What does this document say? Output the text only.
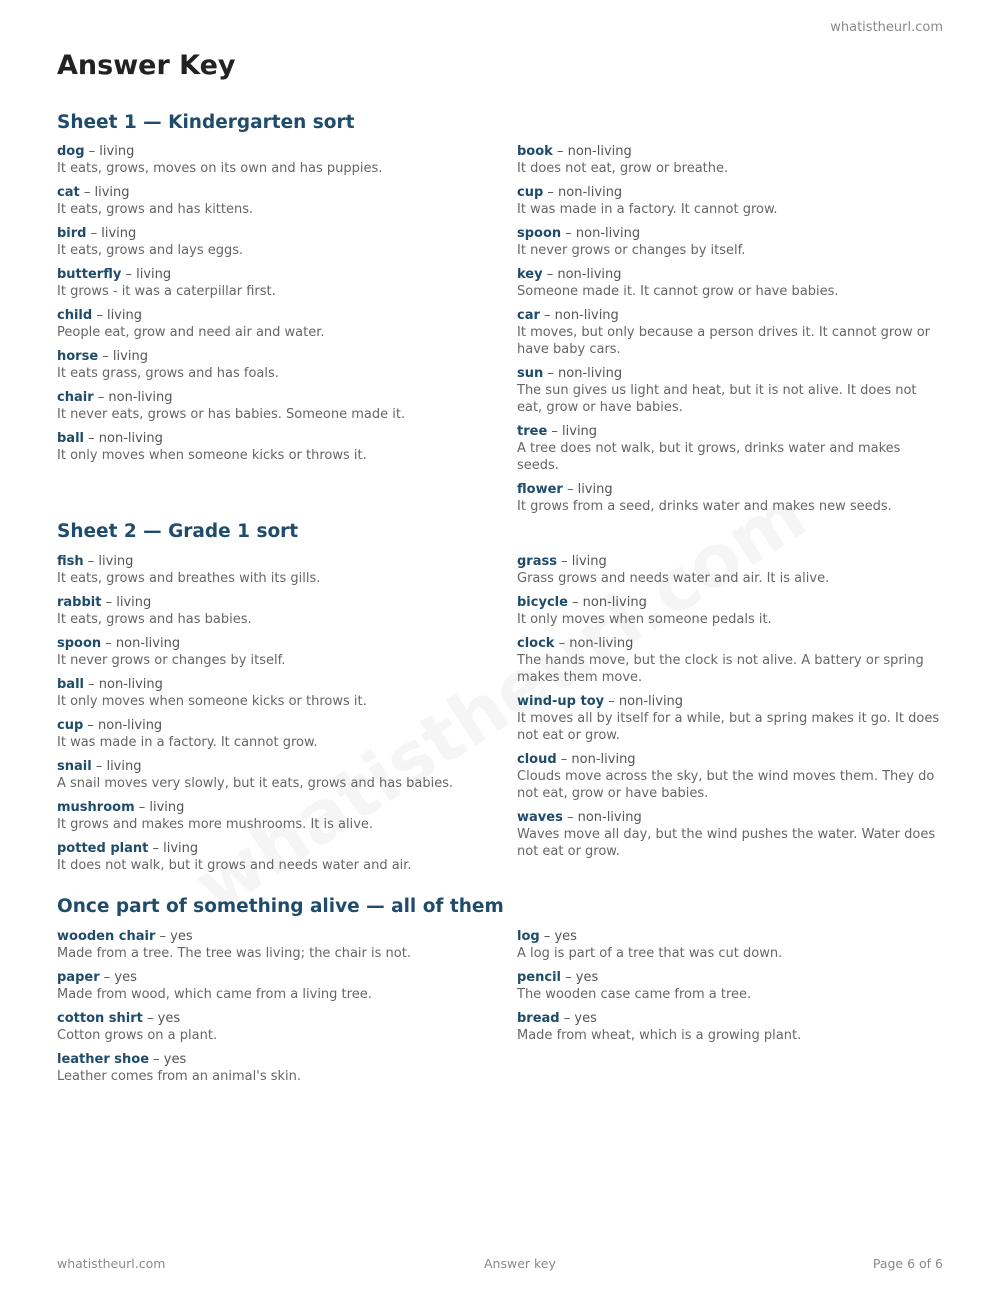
whatistheurl.com
Answer Key
Sheet 1 — Kindergarten sort
dog – living
It eats, grows, moves on its own and has puppies.
cat – living
It eats, grows and has kittens.
bird – living
It eats, grows and lays eggs.
butterfly – living
It grows - it was a caterpillar first.
child – living
People eat, grow and need air and water.
horse – living
It eats grass, grows and has foals.
chair – non-living
It never eats, grows or has babies. Someone made it.
ball – non-living
It only moves when someone kicks or throws it.
book – non-living
It does not eat, grow or breathe.
cup – non-living
It was made in a factory. It cannot grow.
spoon – non-living
It never grows or changes by itself.
key – non-living
Someone made it. It cannot grow or have babies.
car – non-living
It moves, but only because a person drives it. It cannot grow or have baby cars.
sun – non-living
The sun gives us light and heat, but it is not alive. It does not eat, grow or have babies.
tree – living
A tree does not walk, but it grows, drinks water and makes seeds.
flower – living
It grows from a seed, drinks water and makes new seeds.
Sheet 2 — Grade 1 sort
fish – living
It eats, grows and breathes with its gills.
rabbit – living
It eats, grows and has babies.
spoon – non-living
It never grows or changes by itself.
ball – non-living
It only moves when someone kicks or throws it.
cup – non-living
It was made in a factory. It cannot grow.
snail – living
A snail moves very slowly, but it eats, grows and has babies.
mushroom – living
It grows and makes more mushrooms. It is alive.
potted plant – living
It does not walk, but it grows and needs water and air.
grass – living
Grass grows and needs water and air. It is alive.
bicycle – non-living
It only moves when someone pedals it.
clock – non-living
The hands move, but the clock is not alive. A battery or spring makes them move.
wind-up toy – non-living
It moves all by itself for a while, but a spring makes it go. It does not eat or grow.
cloud – non-living
Clouds move across the sky, but the wind moves them. They do not eat, grow or have babies.
waves – non-living
Waves move all day, but the wind pushes the water. Water does not eat or grow.
Once part of something alive — all of them
wooden chair – yes
Made from a tree. The tree was living; the chair is not.
paper – yes
Made from wood, which came from a living tree.
cotton shirt – yes
Cotton grows on a plant.
leather shoe – yes
Leather comes from an animal's skin.
log – yes
A log is part of a tree that was cut down.
pencil – yes
The wooden case came from a tree.
bread – yes
Made from wheat, which is a growing plant.
whatistheurl.com	Answer key	Page 6 of 6
